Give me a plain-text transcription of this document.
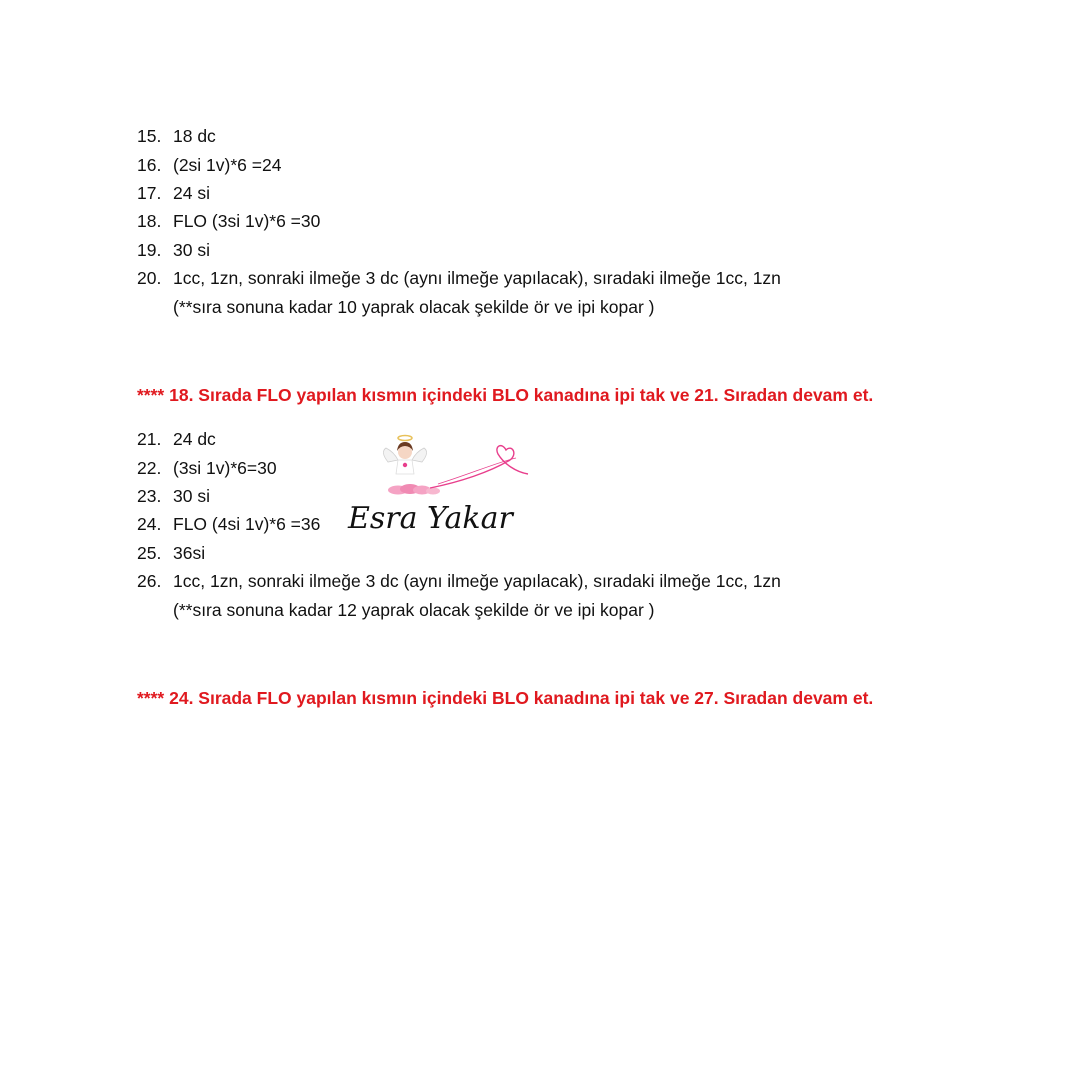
15. 18 dc
16. (2si 1v)*6 =24
17. 24 si
18. FLO (3si 1v)*6 =30
19. 30 si
20. 1cc, 1zn, sonraki ilmeğe 3 dc (aynı ilmeğe yapılacak), sıradaki ilmeğe 1cc, 1zn
(**sıra sonuna kadar 10 yaprak olacak şekilde ör ve ipi kopar )
**** 18. Sırada FLO yapılan kısmın içindeki BLO kanadına ipi tak ve 21. Sıradan devam et.
21. 24 dc
22. (3si 1v)*6=30
23. 30 si
24. FLO (4si 1v)*6 =36
25. 36si
26. 1cc, 1zn, sonraki ilmeğe 3 dc (aynı ilmeğe yapılacak), sıradaki ilmeğe 1cc, 1zn
(**sıra sonuna kadar 12 yaprak olacak şekilde ör ve ipi kopar )
**** 24. Sırada FLO yapılan kısmın içindeki BLO kanadına ipi tak ve 27. Sıradan devam et.
Esra Yakar
